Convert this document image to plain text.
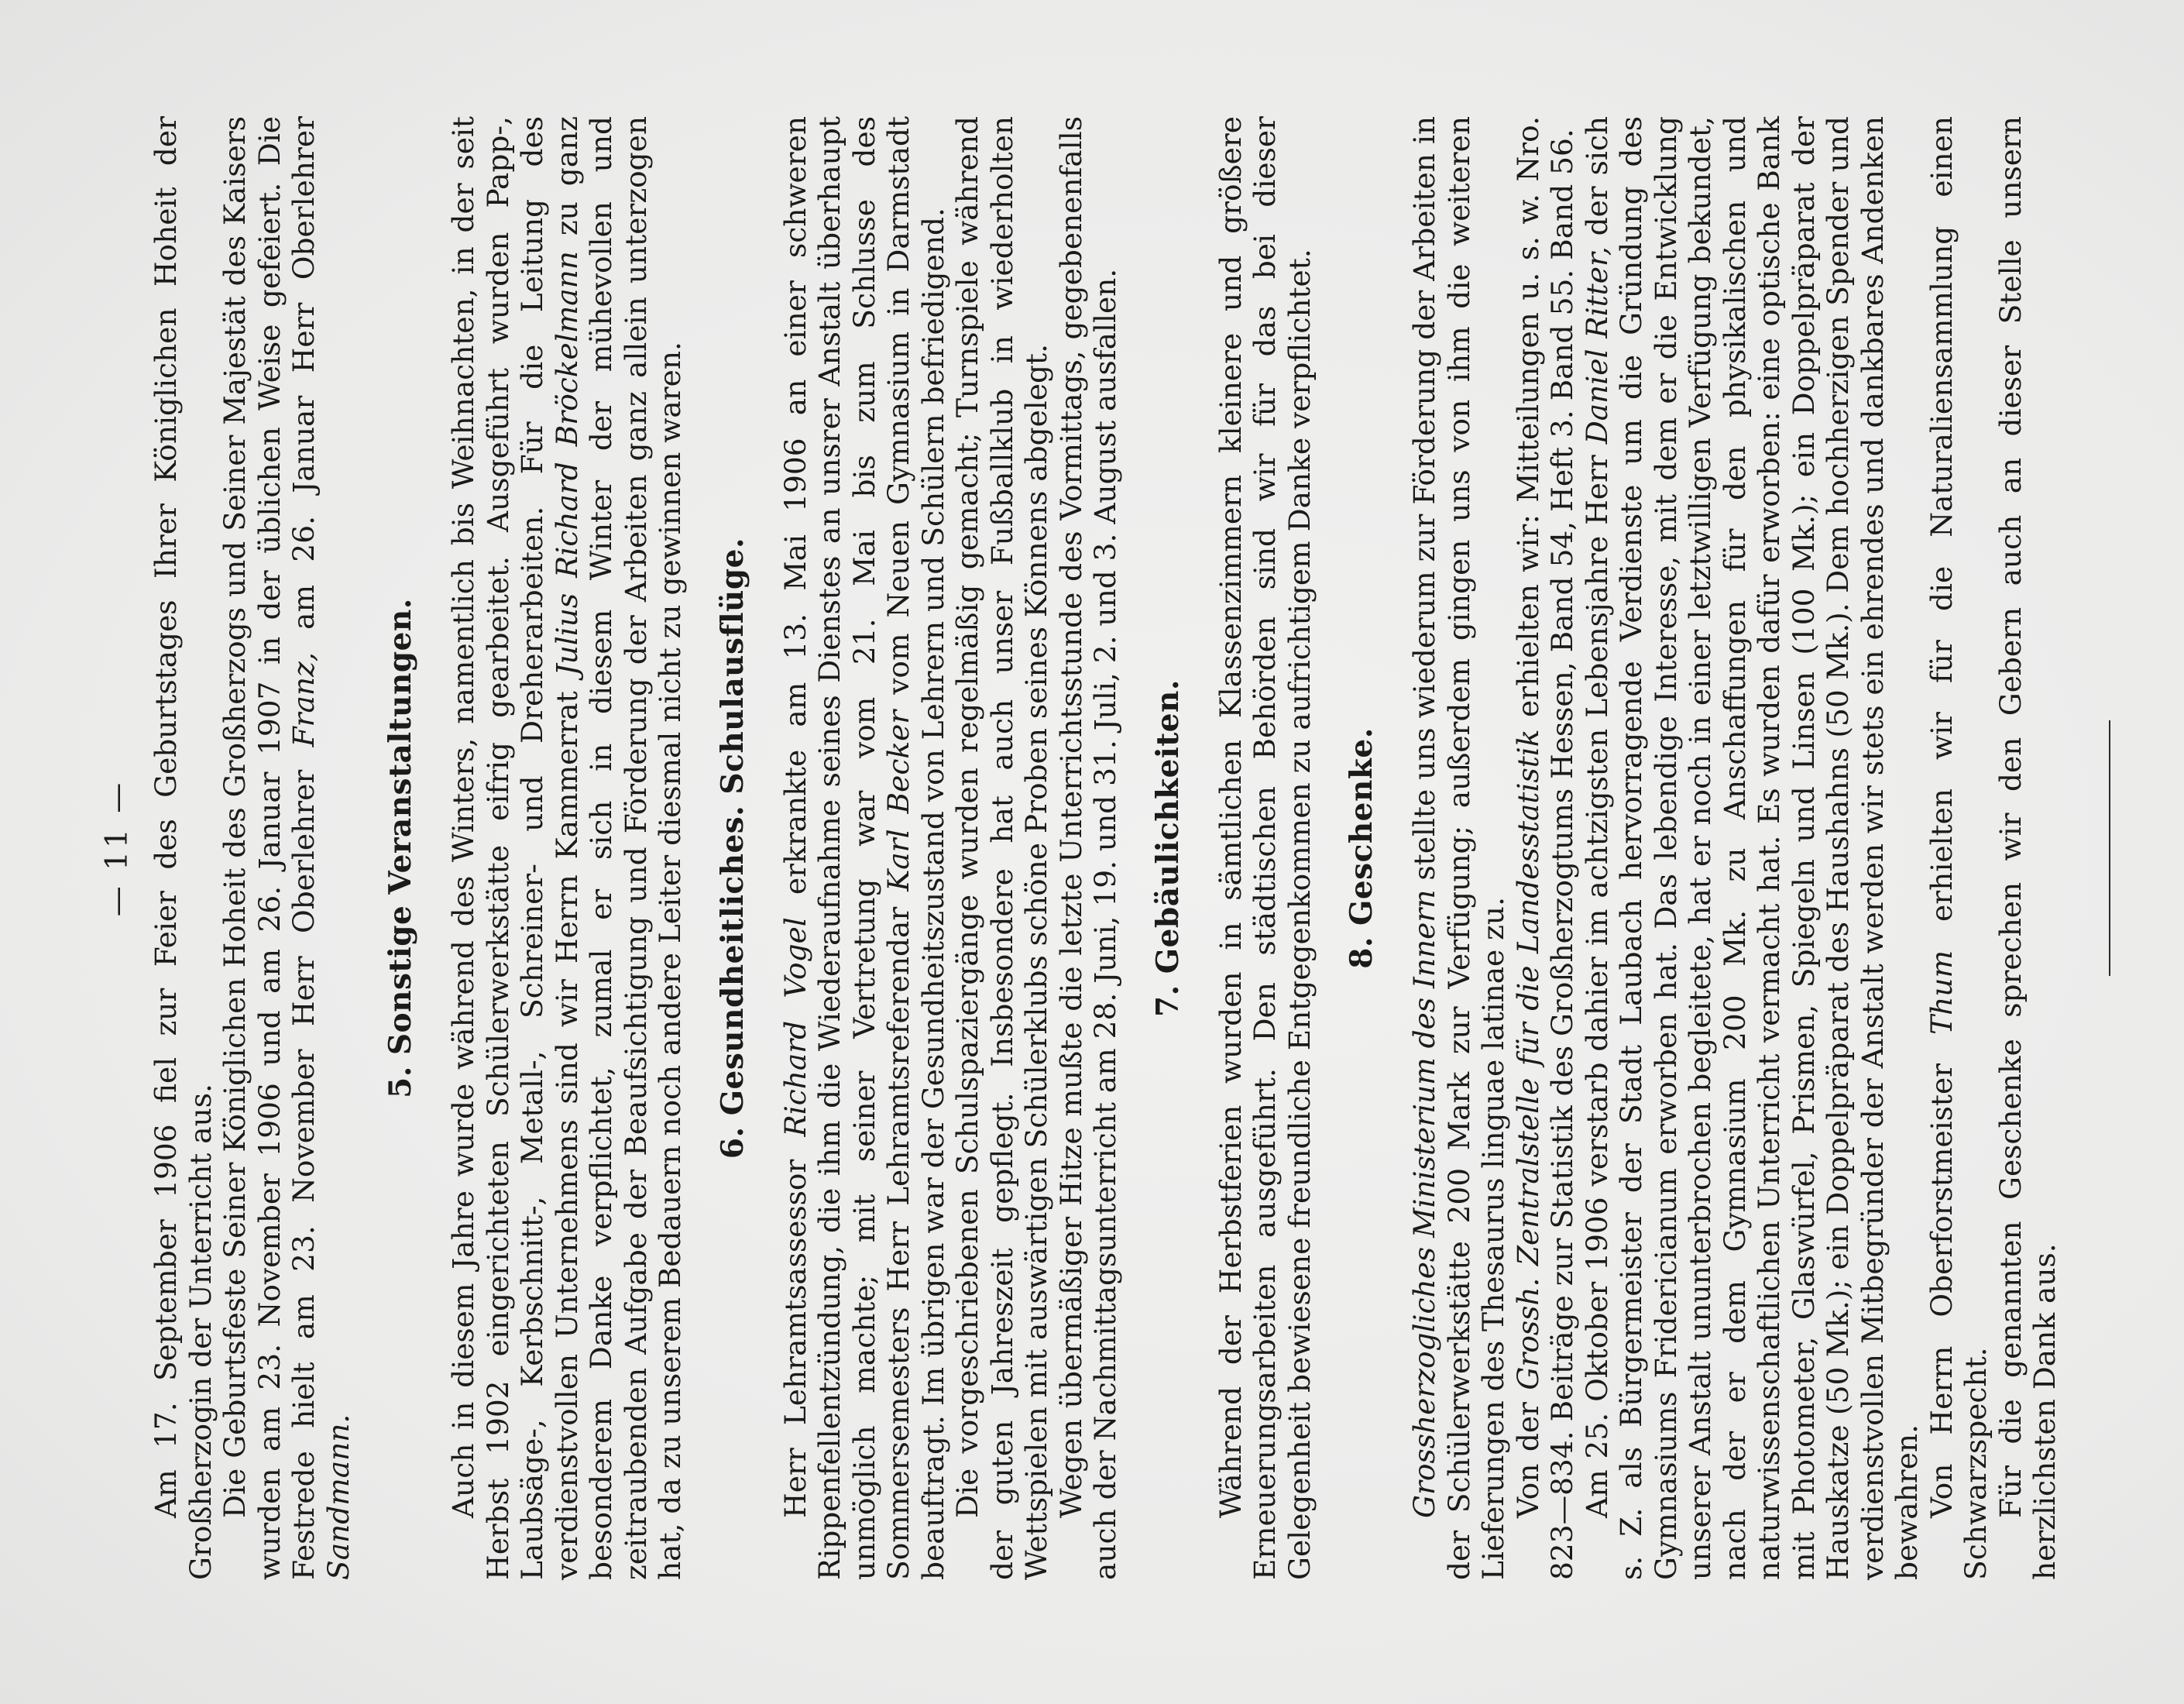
— 11 — Am 17. September 1906 fiel zur Feier des Geburtstages Ihrer Königlichen Hoheit der Großherzogin der Unterricht aus. Die Geburtsfeste Seiner Königlichen Hoheit des Großherzogs und Seiner Majestät des Kaisers wurden am 23. November 1906 und am 26. Januar 1907 in der üblichen Weise gefeiert. Die Festrede hielt am 23. November Herr Oberlehrer Franz, am 26. Januar Herr Oberlehrer Sandmann.

5. Sonstige Veranstaltungen. Auch in diesem Jahre wurde während des Winters, namentlich bis Weihnachten, in der seit Herbst 1902 eingerichteten Schülerwerkstätte eifrig gearbeitet. Ausgeführt wurden Papp-, Laubsäge-, Kerbschnitt-, Metall-, Schreiner- und Dreherarbeiten. Für die Leitung des verdienstvollen Unternehmens sind wir Herrn Kammerrat Julius Richard Bröckelmann zu ganz besonderem Danke verpflichtet, zumal er sich in diesem Winter der mühevollen und zeitraubenden Aufgabe der Beaufsichtigung und Förderung der Arbeiten ganz allein unterzogen hat, da zu unserem Bedauern noch andere Leiter diesmal nicht zu gewinnen waren. 6. Gesundheitliches. Schulausflüge.

Herr Lehramtsassessor Richard Vogel erkrankte am 13. Mai 1906 an einer schweren Rippenfellentzündung, die ihm die Wiederaufnahme seines Dienstes an unsrer Anstalt überhaupt unmöglich machte; mit seiner Vertretung war vom 21. Mai bis zum Schlusse des Sommersemesters Herr Lehramtsreferendar Karl Becker vom Neuen Gymnasium in Darmstadt beauftragt. Im übrigen war der Gesundheitszustand von Lehrern und Schülern befriedigend. Die vorgeschriebenen Schulspaziergänge wurden regelmäßig gemacht; Turnspiele während der guten Jahreszeit gepflegt. Insbesondere hat auch unser Fußballklub in wiederholten Wettspielen mit auswärtigen Schülerklubs schöne Proben seines Könnens abgelegt. Wegen übermäßiger Hitze mußte die letzte Unterrichtsstunde des Vormittags, gegebenenfalls auch der Nachmittagsunterricht am 28. Juni, 19. und 31. Juli, 2. und 3. August ausfallen. 7. Gebäulichkeiten. Während der Herbstferien wurden in sämtlichen Klassenzimmern kleinere und größere Erneuerungsarbeiten ausgeführt. Den städtischen Behörden sind wir für das bei dieser Gelegenheit bewiesene freundliche Entgegenkommen zu aufrichtigem Danke verpflichtet. 8. Geschenke.

Grossherzogliches Ministerium des Innern stellte uns wiederum zur Förderung der Arbeiten in der Schülerwerkstätte 200 Mark zur Verfügung; außerdem gingen uns von ihm die weiteren Lieferungen des Thesaurus linguae latinae zu. Von der Grossh. Zentralstelle für die Landesstatistik erhielten wir: Mitteilungen u. s. w. Nro. 823—834. Beiträge zur Statistik des Großherzogtums Hessen, Band 54, Heft 3. Band 55. Band 56. Am 25. Oktober 1906 verstarb dahier im achtzigsten Lebensjahre Herr Daniel Ritter, der sich s. Z. als Bürgermeister der Stadt Laubach hervorragende Verdienste um die Gründung des Gymnasiums Fridericianum erworben hat. Das lebendige Interesse, mit dem er die Entwicklung unserer Anstalt ununterbrochen begleitete, hat er noch in einer letztwilligen Verfügung bekundet, nach der er dem Gymnasium 200 Mk. zu Anschaffungen für den physikalischen und naturwissenschaftlichen Unterricht vermacht hat. Es wurden dafür erworben: eine optische Bank mit Photometer, Glaswürfel, Prismen, Spiegeln und Linsen (100 Mk.); ein Doppelpräparat der Hauskatze (50 Mk.); ein Doppelpräparat des Haushahns (50 Mk.). Dem hochherzigen Spender und verdienstvollen Mitbegründer der Anstalt werden wir stets ein ehrendes und dankbares Andenken bewahren. Von Herrn Oberforstmeister Thum erhielten wir für die Naturaliensammlung einen Schwarzspecht. Für die genannten Geschenke sprechen wir den Gebern auch an dieser Stelle unsern herzlichsten Dank aus.
